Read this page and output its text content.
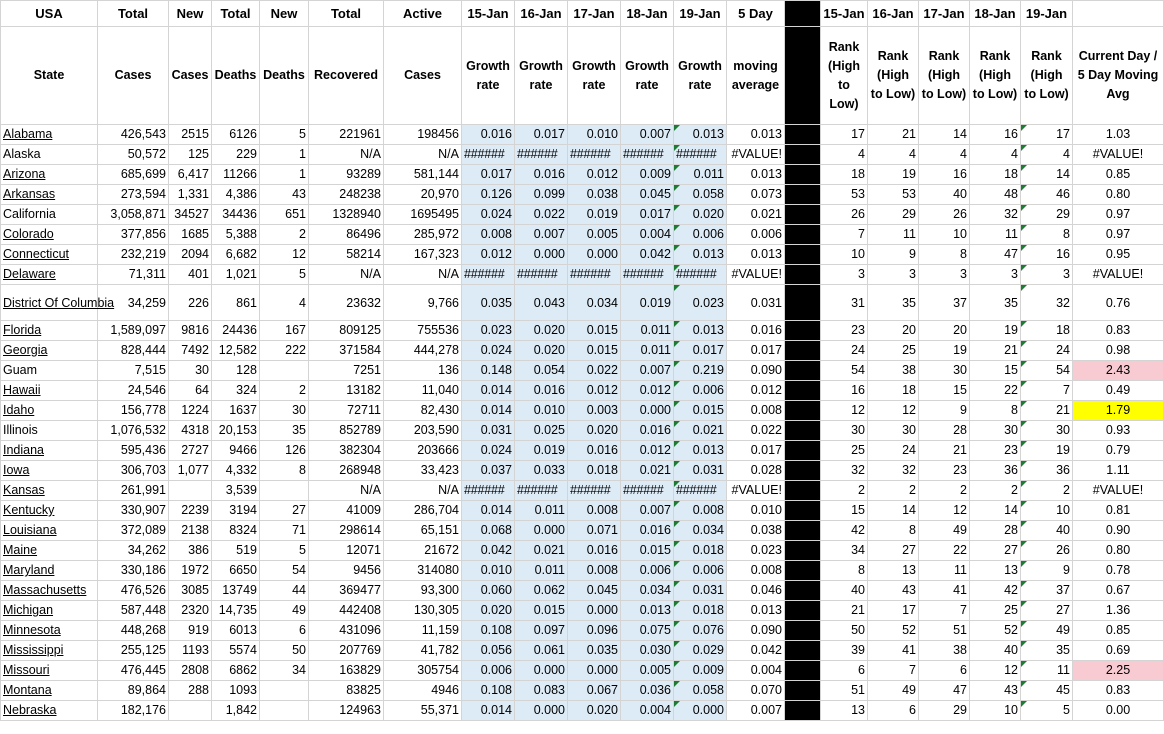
USA	Total	New	Total	New	Total	Active	15-Jan	16-Jan	17-Jan	18-Jan	19-Jan	5 Day		15-Jan	16-Jan	17-Jan	18-Jan	19-Jan	
State	Cases	Cases	Deaths	Deaths	Recovered	Cases	Growth rate	Growth rate	Growth rate	Growth rate	Growth rate	moving average		Rank (High to Low)	Rank (High to Low)	Rank (High to Low)	Rank (High to Low)	Rank (High to Low)	Current Day / 5 Day Moving Avg
Alabama	426,543	2515	6126	5	221961	198456	0.016	0.017	0.010	0.007	0.013	0.013		17	21	14	16	17	1.03
Alaska	50,572	125	229	1	N/A	N/A	######	######	######	######	######	#VALUE!		4	4	4	4	4	#VALUE!
Arizona	685,699	6,417	11266	1	93289	581,144	0.017	0.016	0.012	0.009	0.011	0.013		18	19	16	18	14	0.85
Arkansas	273,594	1,331	4,386	43	248238	20,970	0.126	0.099	0.038	0.045	0.058	0.073		53	53	40	48	46	0.80
California	3,058,871	34527	34436	651	1328940	1695495	0.024	0.022	0.019	0.017	0.020	0.021		26	29	26	32	29	0.97
Colorado	377,856	1685	5,388	2	86496	285,972	0.008	0.007	0.005	0.004	0.006	0.006		7	11	10	11	8	0.97
Connecticut	232,219	2094	6,682	12	58214	167,323	0.012	0.000	0.000	0.042	0.013	0.013		10	9	8	47	16	0.95
Delaware	71,311	401	1,021	5	N/A	N/A	######	######	######	######	######	#VALUE!		3	3	3	3	3	#VALUE!
District Of Columbia	34,259	226	861	4	23632	9,766	0.035	0.043	0.034	0.019	0.023	0.031		31	35	37	35	32	0.76
Florida	1,589,097	9816	24436	167	809125	755536	0.023	0.020	0.015	0.011	0.013	0.016		23	20	20	19	18	0.83
Georgia	828,444	7492	12,582	222	371584	444,278	0.024	0.020	0.015	0.011	0.017	0.017		24	25	19	21	24	0.98
Guam	7,515	30	128		7251	136	0.148	0.054	0.022	0.007	0.219	0.090		54	38	30	15	54	2.43
Hawaii	24,546	64	324	2	13182	11,040	0.014	0.016	0.012	0.012	0.006	0.012		16	18	15	22	7	0.49
Idaho	156,778	1224	1637	30	72711	82,430	0.014	0.010	0.003	0.000	0.015	0.008		12	12	9	8	21	1.79
Illinois	1,076,532	4318	20,153	35	852789	203,590	0.031	0.025	0.020	0.016	0.021	0.022		30	30	28	30	30	0.93
Indiana	595,436	2727	9466	126	382304	203666	0.024	0.019	0.016	0.012	0.013	0.017		25	24	21	23	19	0.79
Iowa	306,703	1,077	4,332	8	268948	33,423	0.037	0.033	0.018	0.021	0.031	0.028		32	32	23	36	36	1.11
Kansas	261,991		3,539		N/A	N/A	######	######	######	######	######	#VALUE!		2	2	2	2	2	#VALUE!
Kentucky	330,907	2239	3194	27	41009	286,704	0.014	0.011	0.008	0.007	0.008	0.010		15	14	12	14	10	0.81
Louisiana	372,089	2138	8324	71	298614	65,151	0.068	0.000	0.071	0.016	0.034	0.038		42	8	49	28	40	0.90
Maine	34,262	386	519	5	12071	21672	0.042	0.021	0.016	0.015	0.018	0.023		34	27	22	27	26	0.80
Maryland	330,186	1972	6650	54	9456	314080	0.010	0.011	0.008	0.006	0.006	0.008		8	13	11	13	9	0.78
Massachusetts	476,526	3085	13749	44	369477	93,300	0.060	0.062	0.045	0.034	0.031	0.046		40	43	41	42	37	0.67
Michigan	587,448	2320	14,735	49	442408	130,305	0.020	0.015	0.000	0.013	0.018	0.013		21	17	7	25	27	1.36
Minnesota	448,268	919	6013	6	431096	11,159	0.108	0.097	0.096	0.075	0.076	0.090		50	52	51	52	49	0.85
Mississippi	255,125	1193	5574	50	207769	41,782	0.056	0.061	0.035	0.030	0.029	0.042		39	41	38	40	35	0.69
Missouri	476,445	2808	6862	34	163829	305754	0.006	0.000	0.000	0.005	0.009	0.004		6	7	6	12	11	2.25
Montana	89,864	288	1093		83825	4946	0.108	0.083	0.067	0.036	0.058	0.070		51	49	47	43	45	0.83
Nebraska	182,176		1,842		124963	55,371	0.014	0.000	0.020	0.004	0.000	0.007		13	6	29	10	5	0.00
